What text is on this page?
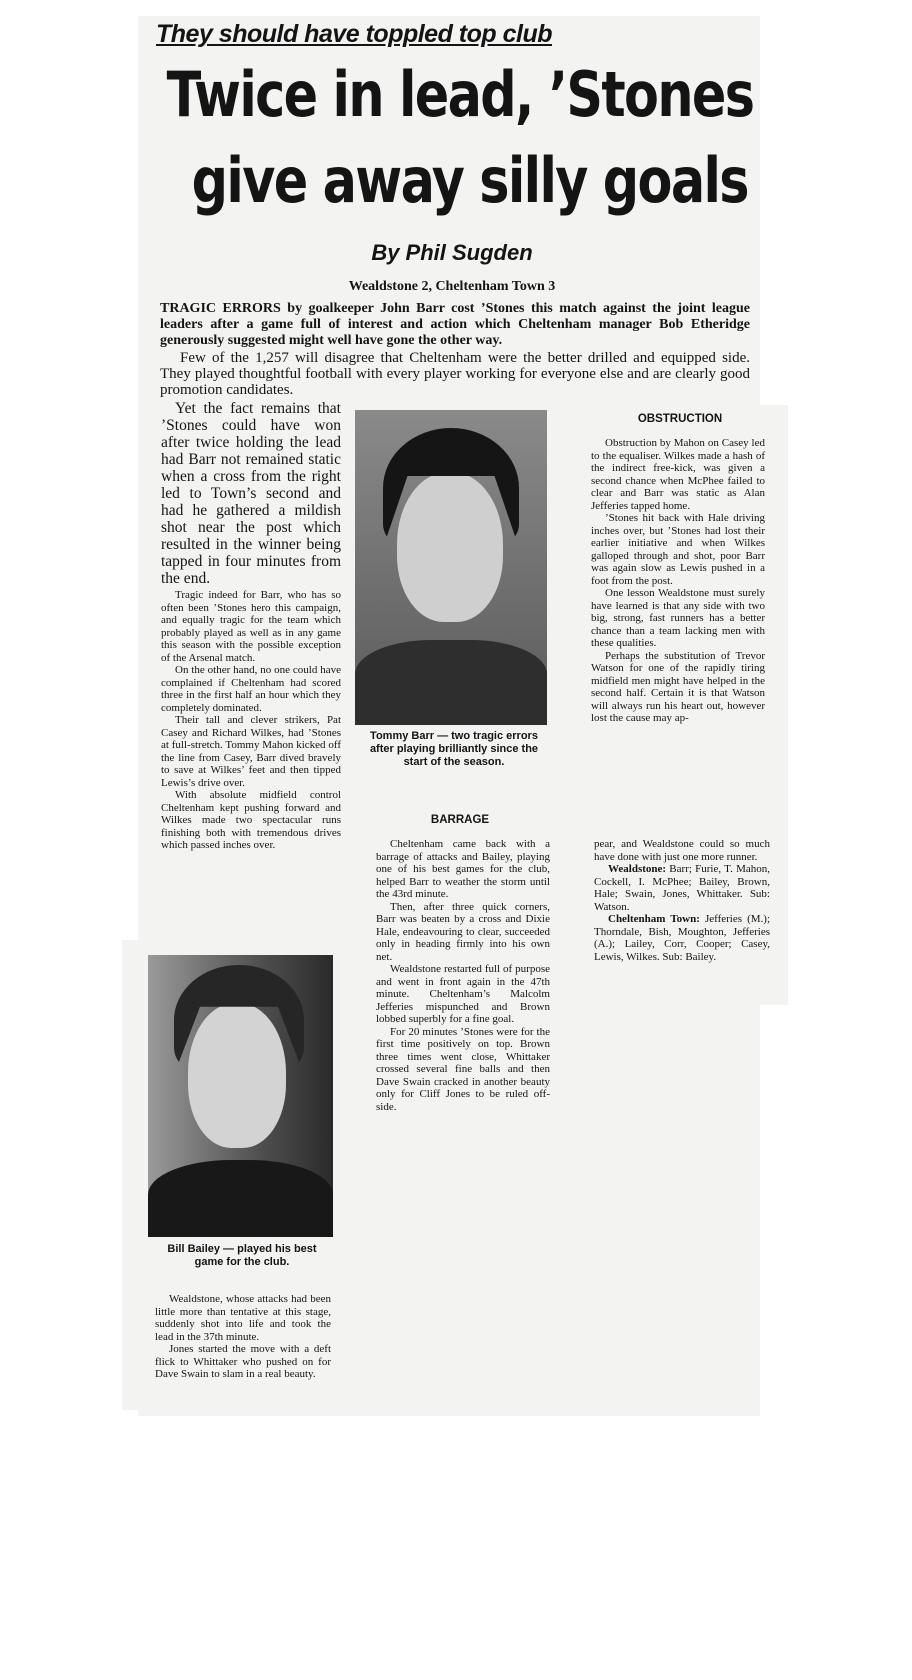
They should have toppled top club
Twice in lead, ’Stones
give away silly goals
By Phil Sugden
Wealdstone 2, Cheltenham Town 3
TRAGIC ERRORS by goalkeeper John Barr cost ’Stones this match against the joint league leaders after a game full of interest and action which Cheltenham manager Bob Etheridge generously suggested might well have gone the other way.

Few of the 1,257 will disagree that Cheltenham were the better drilled and equipped side. They played thoughtful football with every player working for everyone else and are clearly good promotion candidates.

Yet the fact remains that ’Stones could have won after twice holding the lead had Barr not remained static when a cross from the right led to Town’s second and had he gathered a mildish shot near the post which resulted in the winner being tapped in four minutes from the end.

Tragic indeed for Barr, who has so often been ’Stones hero this campaign, and equally tragic for the team which probably played as well as in any game this season with the possible exception of the Arsenal match.

On the other hand, no one could have complained if Cheltenham had scored three in the first half an hour which they completely dominated.

Their tall and clever strikers, Pat Casey and Richard Wilkes, had ’Stones at full-stretch. Tommy Mahon kicked off the line from Casey, Barr dived bravely to save at Wilkes’ feet and then tipped Lewis’s drive over.

With absolute midfield control Cheltenham kept pushing forward and Wilkes made two spectacular runs finishing both with tremendous drives which passed inches over.

Tommy Barr — two tragic errors after playing brilliantly since the start of the season.
BARRAGE

Cheltenham came back with a barrage of attacks and Bailey, playing one of his best games for the club, helped Barr to weather the storm until the 43rd minute.

Then, after three quick corners, Barr was beaten by a cross and Dixie Hale, endeavouring to clear, succeeded only in heading firmly into his own net.

Wealdstone restarted full of purpose and went in front again in the 47th minute. Cheltenham’s Malcolm Jefferies mispunched and Brown lobbed superbly for a fine goal.

For 20 minutes ’Stones were for the first time positively on top. Brown three times went close, Whittaker crossed several fine balls and then Dave Swain cracked in another beauty only for Cliff Jones to be ruled off-side.

OBSTRUCTION

Obstruction by Mahon on Casey led to the equaliser. Wilkes made a hash of the indirect free-kick, was given a second chance when McPhee failed to clear and Barr was static as Alan Jefferies tapped home.

’Stones hit back with Hale driving inches over, but ’Stones had lost their earlier initiative and when Wilkes galloped through and shot, poor Barr was again slow as Lewis pushed in a foot from the post.

One lesson Wealdstone must surely have learned is that any side with two big, strong, fast runners has a better chance than a team lacking men with these qualities.

Perhaps the substitution of Trevor Watson for one of the rapidly tiring midfield men might have helped in the second half. Certain it is that Watson will always run his heart out, however lost the cause may ap-

pear, and Wealdstone could so much have done with just one more runner.

Wealdstone: Barr; Furie, T. Mahon, Cockell, I. McPhee; Bailey, Brown, Hale; Swain, Jones, Whittaker. Sub: Watson.

Cheltenham Town: Jefferies (M.); Thorndale, Bish, Moughton, Jefferies (A.); Lailey, Corr, Cooper; Casey, Lewis, Wilkes. Sub: Bailey.

Bill Bailey — played his best game for the club.

Wealdstone, whose attacks had been little more than tentative at this stage, suddenly shot into life and took the lead in the 37th minute.

Jones started the move with a deft flick to Whittaker who pushed on for Dave Swain to slam in a real beauty.
